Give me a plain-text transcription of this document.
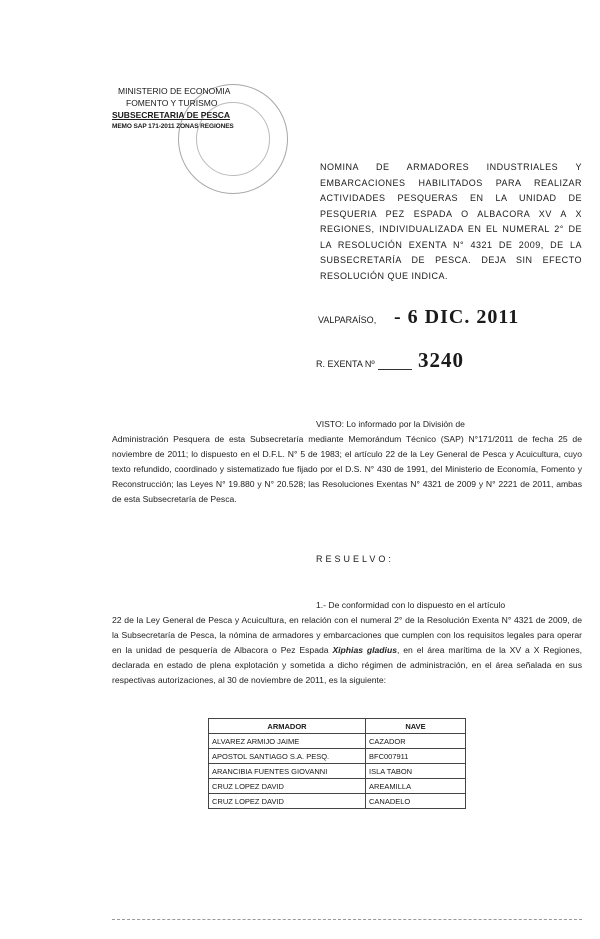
MINISTERIO DE ECONOMIA
FOMENTO Y TURISMO
SUBSECRETARIA DE PESCA
MEMO SAP 171-2011 ZONAS REGIONES
NOMINA DE ARMADORES INDUSTRIALES Y EMBARCACIONES HABILITADOS PARA REALIZAR ACTIVIDADES PESQUERAS EN LA UNIDAD DE PESQUERIA PEZ ESPADA O ALBACORA XV A X REGIONES, INDIVIDUALIZADA EN EL NUMERAL 2° DE LA RESOLUCIÓN EXENTA N° 4321 DE 2009, DE LA SUBSECRETARÍA DE PESCA. DEJA SIN EFECTO RESOLUCIÓN QUE INDICA.
VALPARAÍSO, - 6 DIC. 2011
R. EXENTA Nº 3240
VISTO: Lo informado por la División de
Administración Pesquera de esta Subsecretaría mediante Memorándum Técnico (SAP) N°171/2011 de fecha 25 de noviembre de 2011; lo dispuesto en el D.F.L. N° 5 de 1983; el artículo 22 de la Ley General de Pesca y Acuicultura, cuyo texto refundido, coordinado y sistematizado fue fijado por el D.S. N° 430 de 1991, del Ministerio de Economía, Fomento y Reconstrucción; las Leyes N° 19.880 y N° 20.528; las Resoluciones Exentas N° 4321 de 2009 y N° 2221 de 2011, ambas de esta Subsecretaría de Pesca.
RESUELVO:
1.- De conformidad con lo dispuesto en el artículo
22 de la Ley General de Pesca y Acuicultura, en relación con el numeral 2° de la Resolución Exenta N° 4321 de 2009, de la Subsecretaría de Pesca, la nómina de armadores y embarcaciones que cumplen con los requisitos legales para operar en la unidad de pesquería de Albacora o Pez Espada Xiphias gladius, en el área marítima de la XV a X Regiones, declarada en estado de plena explotación y sometida a dicho régimen de administración, en el área señalada en sus respectivas autorizaciones, al 30 de noviembre de 2011, es la siguiente:
ARMADOR	NAVE
ALVAREZ ARMIJO JAIME	CAZADOR
APOSTOL SANTIAGO S.A. PESQ.	BFC007911
ARANCIBIA FUENTES GIOVANNI	ISLA TABON
CRUZ LOPEZ DAVID	AREAMILLA
CRUZ LOPEZ DAVID	CANADELO
